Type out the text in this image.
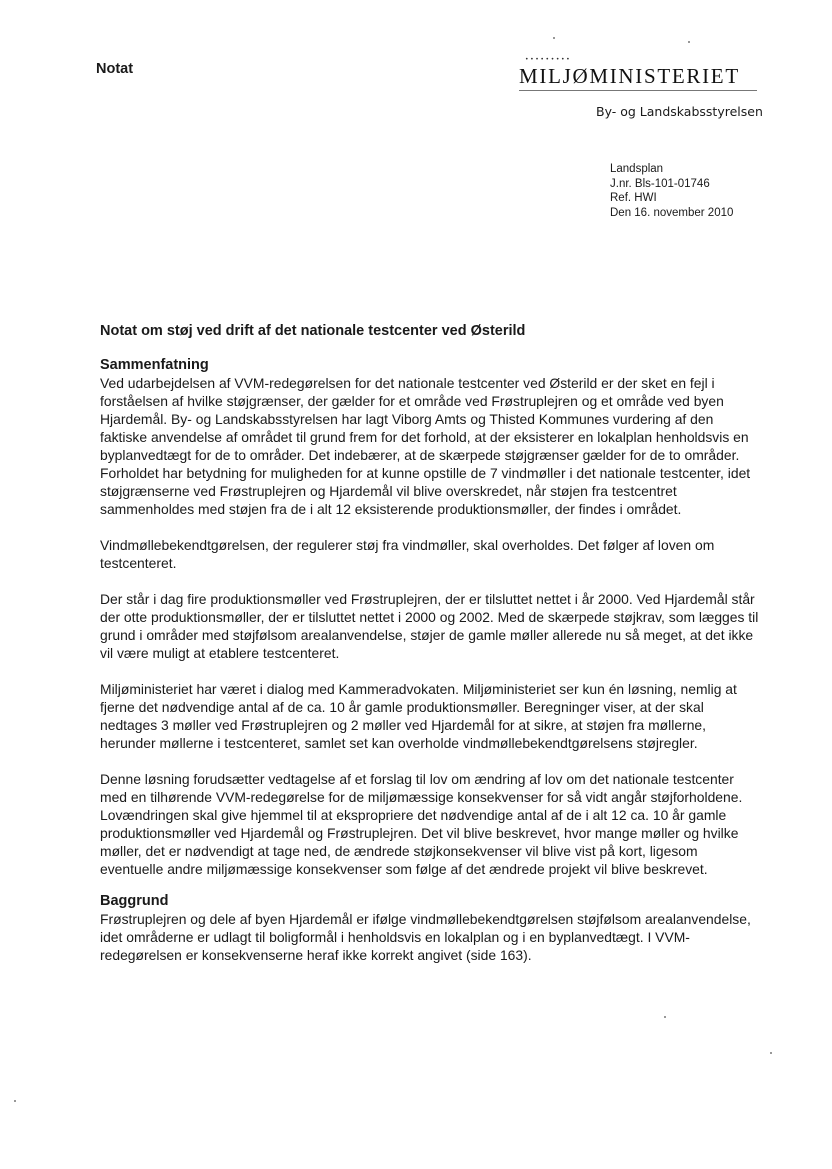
Notat
•••••••••
MILJØMINISTERIET
By- og Landskabsstyrelsen
Landsplan
J.nr. Bls-101-01746
Ref. HWI
Den 16. november 2010
Notat om støj ved drift af det nationale testcenter ved Østerild
Sammenfatning

Ved udarbejdelsen af VVM-redegørelsen for det nationale testcenter ved Østerild er der sket en fejl i forståelsen af hvilke støjgrænser, der gælder for et område ved Frøstruplejren og et område ved byen Hjardemål. By- og Landskabsstyrelsen har lagt Viborg Amts og Thisted Kommunes vurdering af den faktiske anvendelse af området til grund frem for det forhold, at der eksisterer en lokalplan henholdsvis en byplanvedtægt for de to områder. Det indebærer, at de skærpede støjgrænser gælder for de to områder. Forholdet har betydning for muligheden for at kunne opstille de 7 vindmøller i det nationale testcenter, idet støjgrænserne ved Frøstruplejren og Hjardemål vil blive overskredet, når støjen fra testcentret sammenholdes med støjen fra de i alt 12 eksisterende produktionsmøller, der findes i området.

Vindmøllebekendtgørelsen, der regulerer støj fra vindmøller, skal overholdes. Det følger af loven om testcenteret.

Der står i dag fire produktionsmøller ved Frøstruplejren, der er tilsluttet nettet i år 2000. Ved Hjardemål står der otte produktionsmøller, der er tilsluttet nettet i 2000 og 2002. Med de skærpede støjkrav, som lægges til grund i områder med støjfølsom arealanvendelse, støjer de gamle møller allerede nu så meget, at det ikke vil være muligt at etablere testcenteret.

Miljøministeriet har været i dialog med Kammeradvokaten. Miljøministeriet ser kun én løsning, nemlig at fjerne det nødvendige antal af de ca. 10 år gamle produktionsmøller. Beregninger viser, at der skal nedtages 3 møller ved Frøstruplejren og 2 møller ved Hjardemål for at sikre, at støjen fra møllerne, herunder møllerne i testcenteret, samlet set kan overholde vindmøllebekendtgørelsens støjregler.

Denne løsning forudsætter vedtagelse af et forslag til lov om ændring af lov om det nationale testcenter med en tilhørende VVM-redegørelse for de miljømæssige konsekvenser for så vidt angår støjforholdene. Lovændringen skal give hjemmel til at ekspropriere det nødvendige antal af de i alt 12 ca. 10 år gamle produktionsmøller ved Hjardemål og Frøstruplejren. Det vil blive beskrevet, hvor mange møller og hvilke møller, det er nødvendigt at tage ned, de ændrede støjkonsekvenser vil blive vist på kort, ligesom eventuelle andre miljømæssige konsekvenser som følge af det ændrede projekt vil blive beskrevet.

Baggrund

Frøstruplejren og dele af byen Hjardemål er ifølge vindmøllebekendtgørelsen støjfølsom arealanvendelse, idet områderne er udlagt til boligformål i henholdsvis en lokalplan og i en byplanvedtægt. I VVM-redegørelsen er konsekvenserne heraf ikke korrekt angivet (side 163).
